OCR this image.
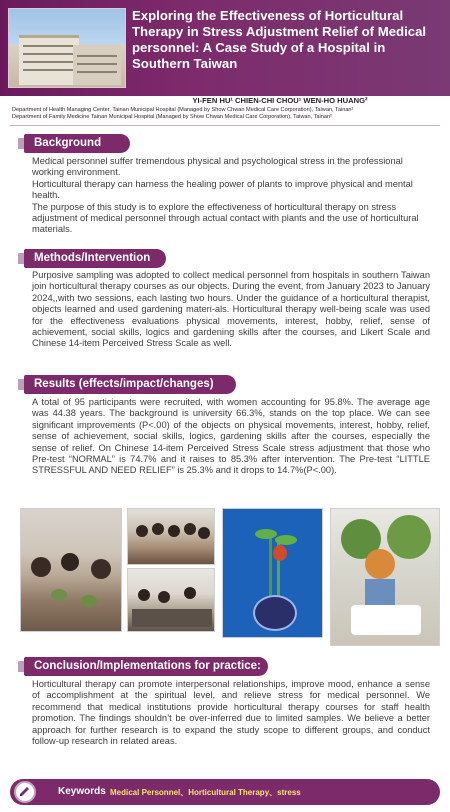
Exploring the Effectiveness of Horticultural Therapy in Stress Adjustment Relief of Medical personnel: A Case Study of a Hospital in Southern Taiwan
YI-FEN HU¹ CHIEN-CHI CHOU¹ WEN-HO HUANG²
Department of Health Managing Center, Tainan Municipal Hospital (Managed by Show Chwan Medical Care Corporation), Taiwan, Tainan¹
Department of Family Medicine Tainan Municipal Hospital (Managed by Show Chwan Medical Care Corporation), Taiwan, Tainan²
Background

Medical personnel suffer tremendous physical and psychological stress in the professional working environment.

Horticultural therapy can harness the healing power of plants to improve physical and mental health.

The purpose of this study is to explore the effectiveness of horticultural therapy on stress adjustment of medical personnel through actual contact with plants and the use of horticultural materials.

Methods/Intervention
Purposive sampling was adopted to collect medical personnel from hospitals in southern Taiwan join horticultural therapy courses as our objects. During the event, from January 2023 to January 2024,,with two sessions, each lasting two hours. Under the guidance of a horticultural therapist, objects learned and used gardening materi-als. Horticultural therapy well-being scale was used for the effectiveness evaluations physical movements, interest, hobby, relief, sense of achievement, social skills, logics and gardening skills after the courses, and Likert Scale and Chinese 14-item Perceived Stress Scale as well.
Results (effects/impact/changes)
A total of 95 participants were recruited, with women accounting for 95.8%. The average age was 44.38 years. The background is university 66.3%, stands on the top place. We can see significant improvements (P<.00) of the objects on physical movements, interest, hobby, relief, sense of achievement, social skills, logics, gardening skills after the courses, especially the sense of relief. On Chinese 14-item Perceived Stress Scale stress adjustment that those who Pre-test “NORMAL” is 74.7% and it raises to 85.3% after intervention. The Pre-test “LITTLE STRESSFUL AND NEED RELIEF” is 25.3% and it drops to 14.7%(P<.00).
Conclusion/Implementations for practice:
Horticultural therapy can promote interpersonal relationships, improve mood, enhance a sense of accomplishment at the spiritual level, and relieve stress for medical personnel. We recommend that medical institutions provide horticultural therapy courses for staff health promotion. The findings shouldn’t be over-inferred due to limited samples. We believe a better approach for further research is to expand the study scope to different groups, and conduct follow-up research in related areas.
Keywords Medical Personnel、Horticultural Therapy、stress
